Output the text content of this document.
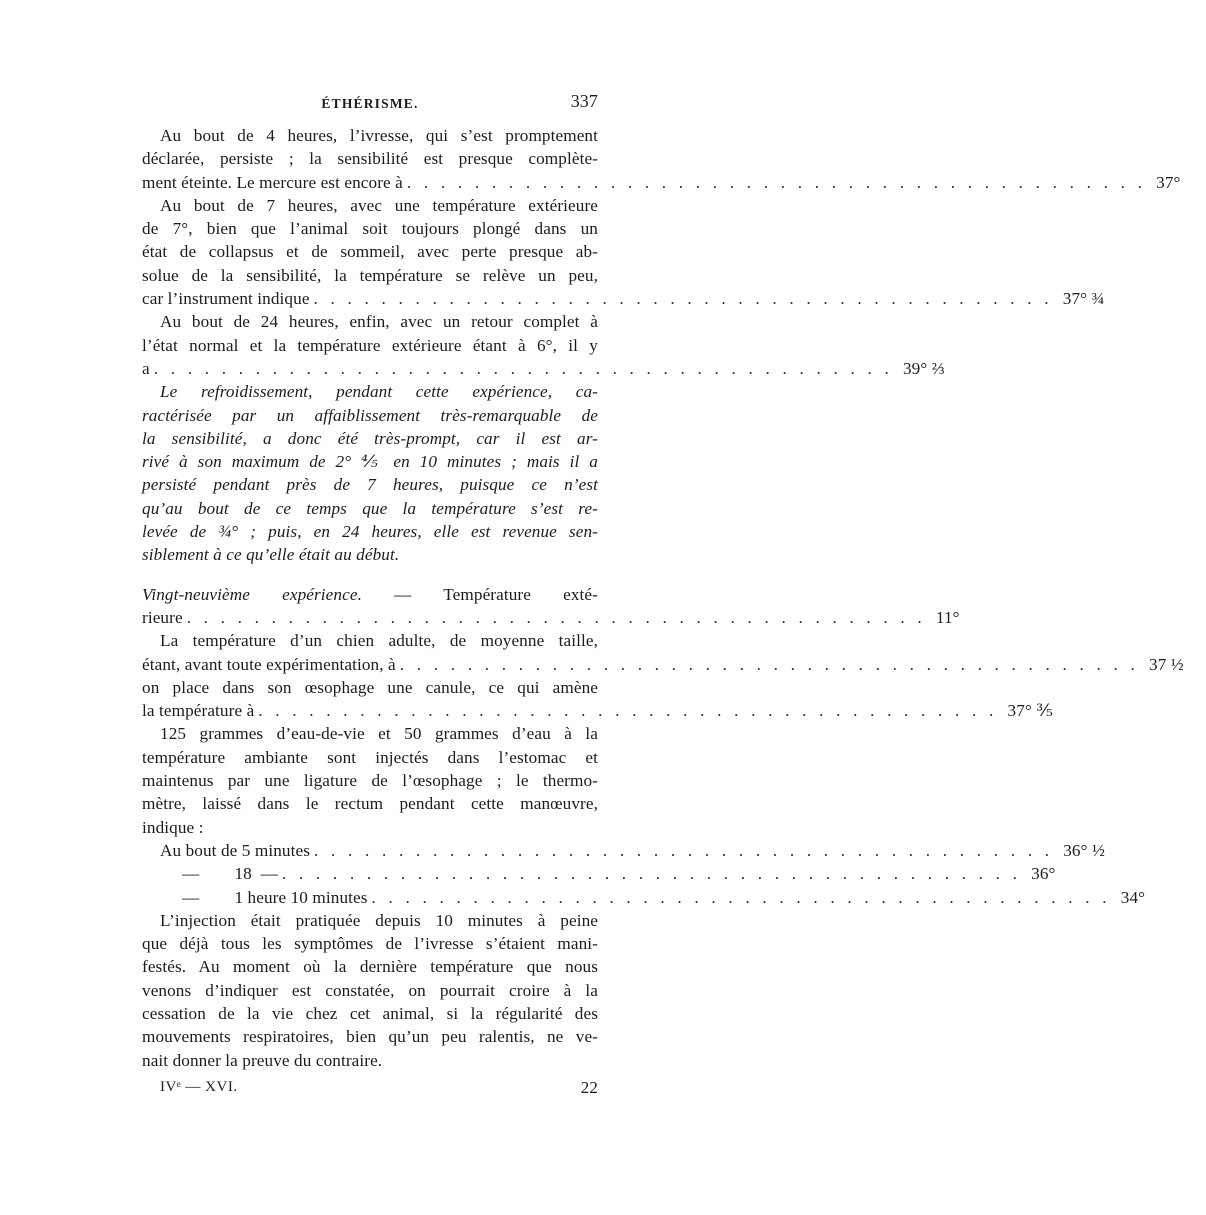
ÉTHÉRISME.	337
Au bout de 4 heures, l’ivresse, qui s’est promptement
déclarée, persiste ; la sensibilité est presque complète-
ment éteinte. Le mercure est encore à . . . . . . . . . . . . . . . . . . . . . . . . . . . . . . . . . . . . . . . . . . . . 37°
Au bout de 7 heures, avec une température extérieure
de 7°, bien que l’animal soit toujours plongé dans un
état de collapsus et de sommeil, avec perte presque ab-
solue de la sensibilité, la température se relève un peu,
car l’instrument indique . . . . . . . . . . . . . . . . . . . . . . . . . . . . . . . . . . . . . . . . . . . . 37° ¾
Au bout de 24 heures, enfin, avec un retour complet à
l’état normal et la température extérieure étant à 6°, il y
a . . . . . . . . . . . . . . . . . . . . . . . . . . . . . . . . . . . . . . . . . . . . 39° ⅔
Le refroidissement, pendant cette expérience, ca-
ractérisée par un affaiblissement très-remarquable de
la sensibilité, a donc été très-prompt, car il est ar-
rivé à son maximum de 2° ⅘ en 10 minutes ; mais il a
persisté pendant près de 7 heures, puisque ce n’est
qu’au bout de ce temps que la température s’est re-
levée de ¾° ; puis, en 24 heures, elle est revenue sen-
siblement à ce qu’elle était au début.
Vingt-neuvième expérience. — Température exté-
rieure . . . . . . . . . . . . . . . . . . . . . . . . . . . . . . . . . . . . . . . . . . . . 11°
La température d’un chien adulte, de moyenne taille,
étant, avant toute expérimentation, à . . . . . . . . . . . . . . . . . . . . . . . . . . . . . . . . . . . . . . . . . . . . 37 ½
on place dans son œsophage une canule, ce qui amène
la température à . . . . . . . . . . . . . . . . . . . . . . . . . . . . . . . . . . . . . . . . . . . . 37° ⅗
125 grammes d’eau-de-vie et 50 grammes d’eau à la
température ambiante sont injectés dans l’estomac et
maintenus par une ligature de l’œsophage ; le thermo-
mètre, laissé dans le rectum pendant cette manœuvre,
indique :
Au bout de 5 minutes . . . . . . . . . . . . . . . . . . . . . . . . . . . . . . . . . . . . . . . . . . . . 36° ½
—        18  — . . . . . . . . . . . . . . . . . . . . . . . . . . . . . . . . . . . . . . . . . . . . 36°
—        1 heure 10 minutes . . . . . . . . . . . . . . . . . . . . . . . . . . . . . . . . . . . . . . . . . . . . 34°
L’injection était pratiquée depuis 10 minutes à peine
que déjà tous les symptômes de l’ivresse s’étaient mani-
festés. Au moment où la dernière température que nous
venons d’indiquer est constatée, on pourrait croire à la
cessation de la vie chez cet animal, si la régularité des
mouvements respiratoires, bien qu’un peu ralentis, ne ve-
nait donner la preuve du contraire.
IVᵉ — XVI.	22
